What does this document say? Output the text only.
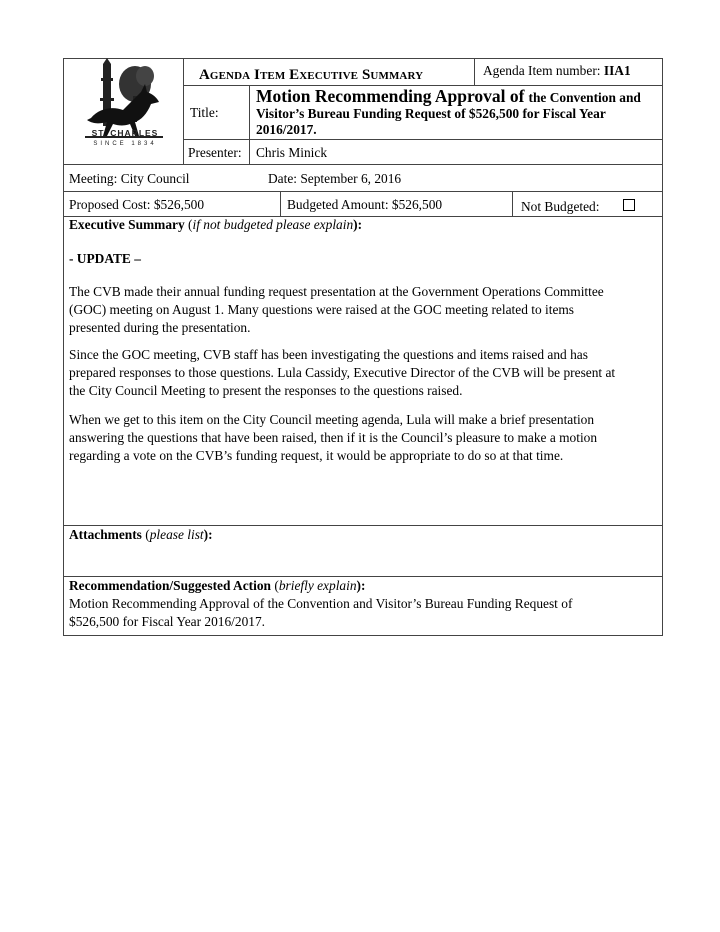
ST. CHARLES
SINCE 1834
Agenda Item Executive Summary	Agenda Item number: IIA1
Title:
Motion Recommending Approval of the Convention and
Visitor’s Bureau Funding Request of $526,500 for Fiscal Year
2016/2017.
Presenter: Chris Minick
Meeting: City Council	Date: September 6, 2016
Proposed Cost: $526,500	Budgeted Amount: $526,500	Not Budgeted:
Executive Summary (if not budgeted please explain):
- UPDATE –

The CVB made their annual funding request presentation at the Government Operations Committee

(GOC) meeting on August 1. Many questions were raised at the GOC meeting related to items

presented during the presentation.

Since the GOC meeting, CVB staff has been investigating the questions and items raised and has

prepared responses to those questions. Lula Cassidy, Executive Director of the CVB will be present at

the City Council Meeting to present the responses to the questions raised.

When we get to this item on the City Council meeting agenda, Lula will make a brief presentation

answering the questions that have been raised, then if it is the Council’s pleasure to make a motion

regarding a vote on the CVB’s funding request, it would be appropriate to do so at that time.

Attachments (please list):
Recommendation/Suggested Action (briefly explain):

Motion Recommending Approval of the Convention and Visitor’s Bureau Funding Request of

$526,500 for Fiscal Year 2016/2017.
